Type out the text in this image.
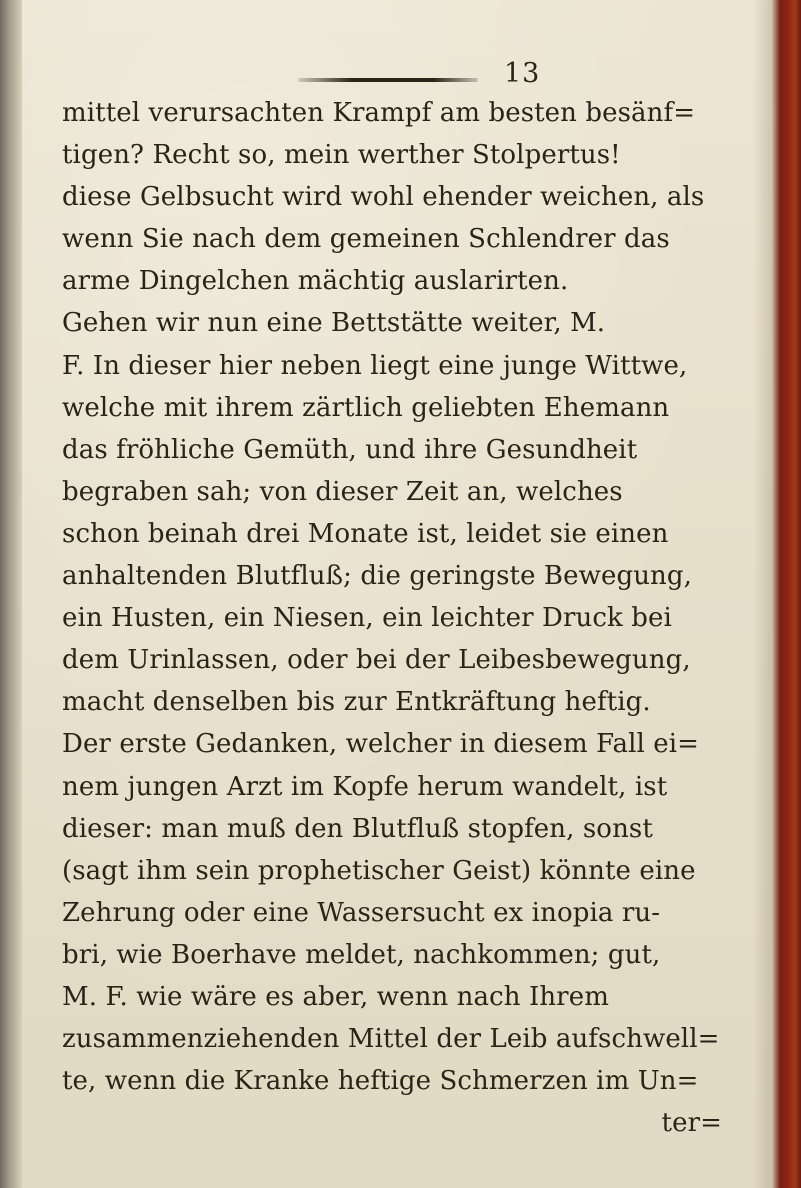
13
mittel verursachten Krampf am besten besänf=
tigen? Recht so, mein werther Stolpertus!
diese Gelbsucht wird wohl ehender weichen, als
wenn Sie nach dem gemeinen Schlendrer das
arme Dingelchen mächtig auslarirten.
Gehen wir nun eine Bettstätte weiter, M.
F. In dieser hier neben liegt eine junge Wittwe,
welche mit ihrem zärtlich geliebten Ehemann
das fröhliche Gemüth, und ihre Gesundheit
begraben sah; von dieser Zeit an, welches
schon beinah drei Monate ist, leidet sie einen
anhaltenden Blutfluß; die geringste Bewegung,
ein Husten, ein Niesen, ein leichter Druck bei
dem Urinlassen, oder bei der Leibesbewegung,
macht denselben bis zur Entkräftung heftig.
Der erste Gedanken, welcher in diesem Fall ei=
nem jungen Arzt im Kopfe herum wandelt, ist
dieser: man muß den Blutfluß stopfen, sonst
(sagt ihm sein prophetischer Geist) könnte eine
Zehrung oder eine Wassersucht ex inopia ru-
bri, wie Boerhave meldet, nachkommen; gut,
M. F. wie wäre es aber, wenn nach Ihrem
zusammenziehenden Mittel der Leib aufschwell=
te, wenn die Kranke heftige Schmerzen im Un=
ter=
